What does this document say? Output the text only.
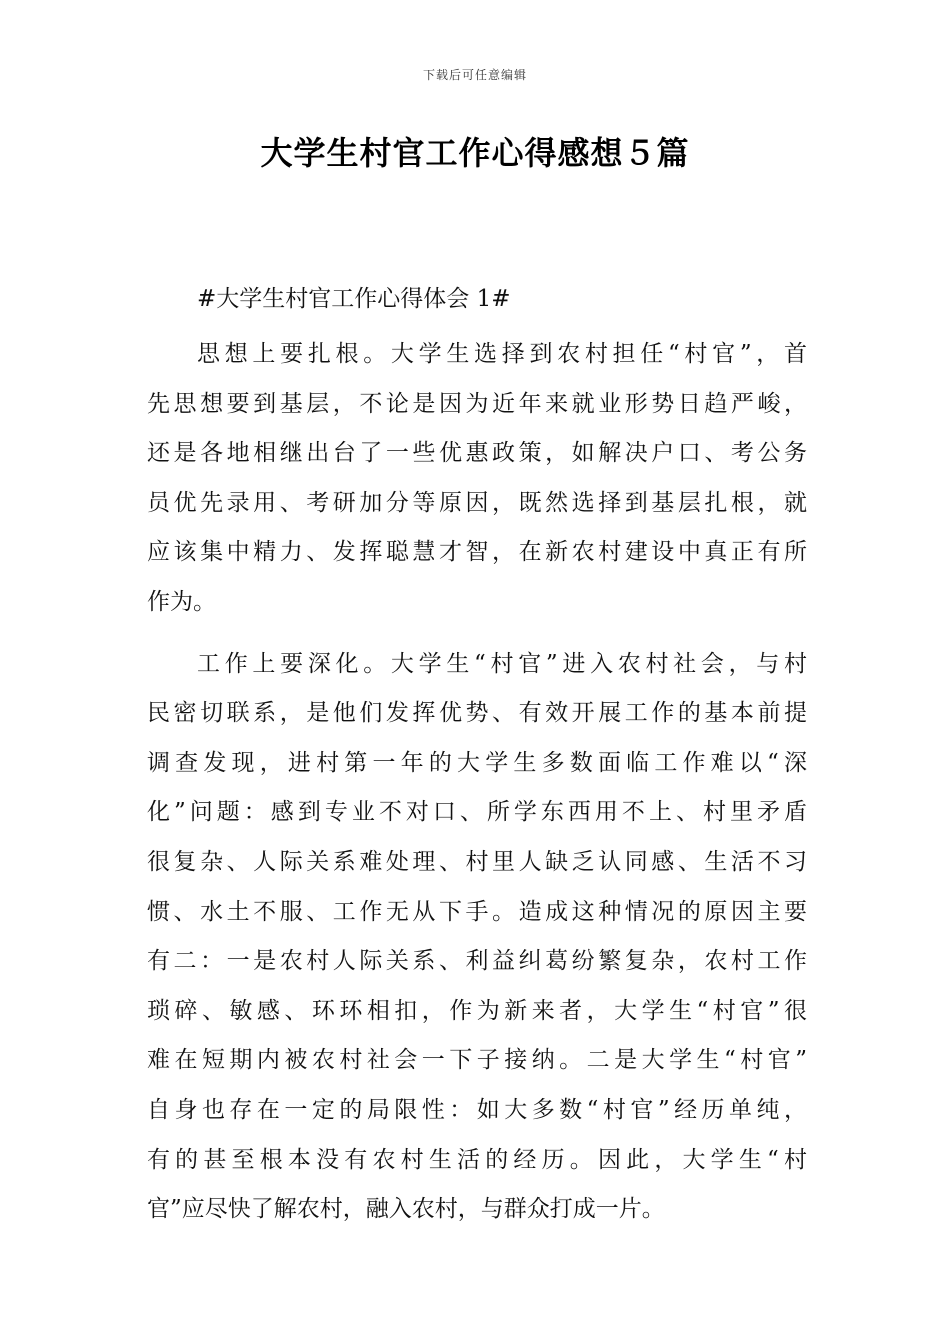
下载后可任意编辑
大学生村官工作心得感想５篇

#大学生村官工作心得体会 1#

思想上要扎根。大学生选择到农村担任“村官”，首
先思想要到基层，不论是因为近年来就业形势日趋严峻，
还是各地相继出台了一些优惠政策，如解决户口、考公务
员优先录用、考研加分等原因，既然选择到基层扎根，就
应该集中精力、发挥聪慧才智，在新农村建设中真正有所
作为。

工作上要深化。大学生“村官”进入农村社会，与村
民密切联系，是他们发挥优势、有效开展工作的基本前提
调查发现，进村第一年的大学生多数面临工作难以“深
化”问题：感到专业不对口、所学东西用不上、村里矛盾
很复杂、人际关系难处理、村里人缺乏认同感、生活不习
惯、水土不服、工作无从下手。造成这种情况的原因主要
有二：一是农村人际关系、利益纠葛纷繁复杂，农村工作
琐碎、敏感、环环相扣，作为新来者，大学生“村官”很
难在短期内被农村社会一下子接纳。二是大学生“村官”
自身也存在一定的局限性：如大多数“村官”经历单纯，
有的甚至根本没有农村生活的经历。因此，大学生“村
官”应尽快了解农村，融入农村，与群众打成一片。
